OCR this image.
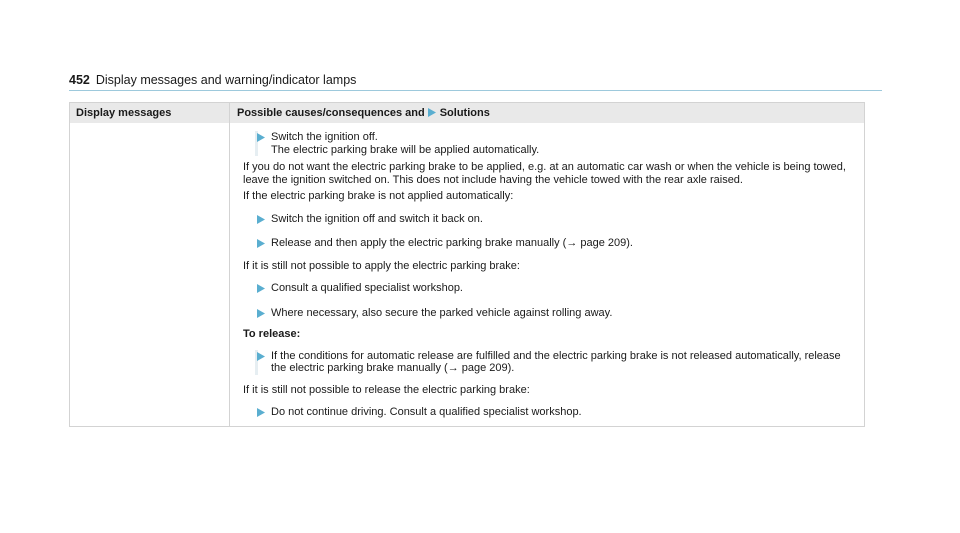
452 Display messages and warning/indicator lamps
Display messages	Possible causes/consequences and Solutions
Switch the ignition off.
The electric parking brake will be applied automatically.

If you do not want the electric parking brake to be applied, e.g. at an automatic car wash or when the vehicle is being towed, leave the ignition switched on. This does not include having the vehicle towed with the rear axle raised.

If the electric parking brake is not applied automatically:

Switch the ignition off and switch it back on.
Release and then apply the electric parking brake manually (→ page 209).

If it is still not possible to apply the electric parking brake:

Consult a qualified specialist workshop.
Where necessary, also secure the parked vehicle against rolling away.

To release:

If the conditions for automatic release are fulfilled and the electric parking brake is not released automatically, release the electric parking brake manually (→ page 209).

If it is still not possible to release the electric parking brake:

Do not continue driving. Consult a qualified specialist workshop.
